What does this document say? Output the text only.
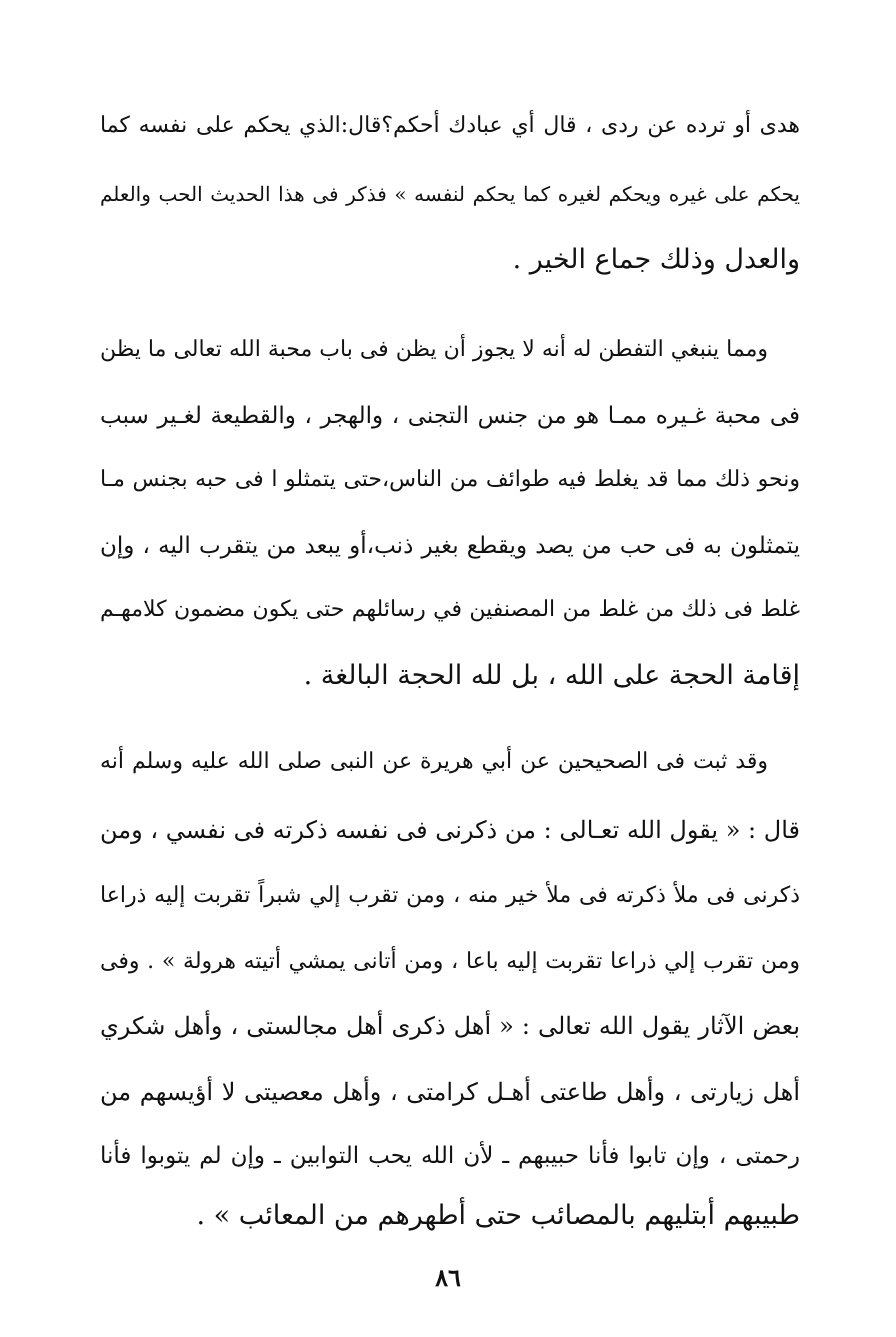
هدى أو ترده عن ردى ، قال أي عبادك أحكم؟قال:الذي يحكم على نفسه كما
يحكم على غيره ويحكم لغيره كما يحكم لنفسه » فذكر فى هذا الحديث الحب والعلم
والعدل وذلك جماع الخير .
ومما ينبغي التفطن له أنه لا يجوز أن يظن فى باب محبة الله تعالى ما يظن
فى محبة غـيره ممـا هو من جنس التجنى ، والهجر ، والقطيعة لغـير سبب
ونحو ذلك مما قد يغلط فيه طوائف من الناس،حتى يتمثلو ا فى حبه بجنس مـا
يتمثلون به فى حب من يصد ويقطع بغير ذنب،أو يبعد من يتقرب اليه ، وإن
غلط فى ذلك من غلط من المصنفين في رسائلهم حتى يكون مضمون كلامهـم
إقامة الحجة على الله ، بل لله الحجة البالغة .
وقد ثبت فى الصحيحين عن أبي هريرة عن النبى صلى الله عليه وسلم أنه
قال : « يقول الله تعـالى : من ذكرنى فى نفسه ذكرته فى نفسي ، ومن
ذكرنى فى ملأ ذكرته فى ملأ خير منه ، ومن تقرب إلي شبراً تقربت إليه ذراعا
ومن تقرب إلي ذراعا تقربت إليه باعا ، ومن أتانى يمشي أتيته هرولة » . وفى
بعض الآثار يقول الله تعالى : « أهل ذكرى أهل مجالستى ، وأهل شكري
أهل زيارتى ، وأهل طاعتى أهـل كرامتى ، وأهل معصيتى لا أؤيسهم من
رحمتى ، وإن تابوا فأنا حبيبهم ـ لأن الله يحب التوابين ـ وإن لم يتوبوا فأنا
طبيبهم أبتليهم بالمصائب حتى أطهرهم من المعائب » .
٨٦
